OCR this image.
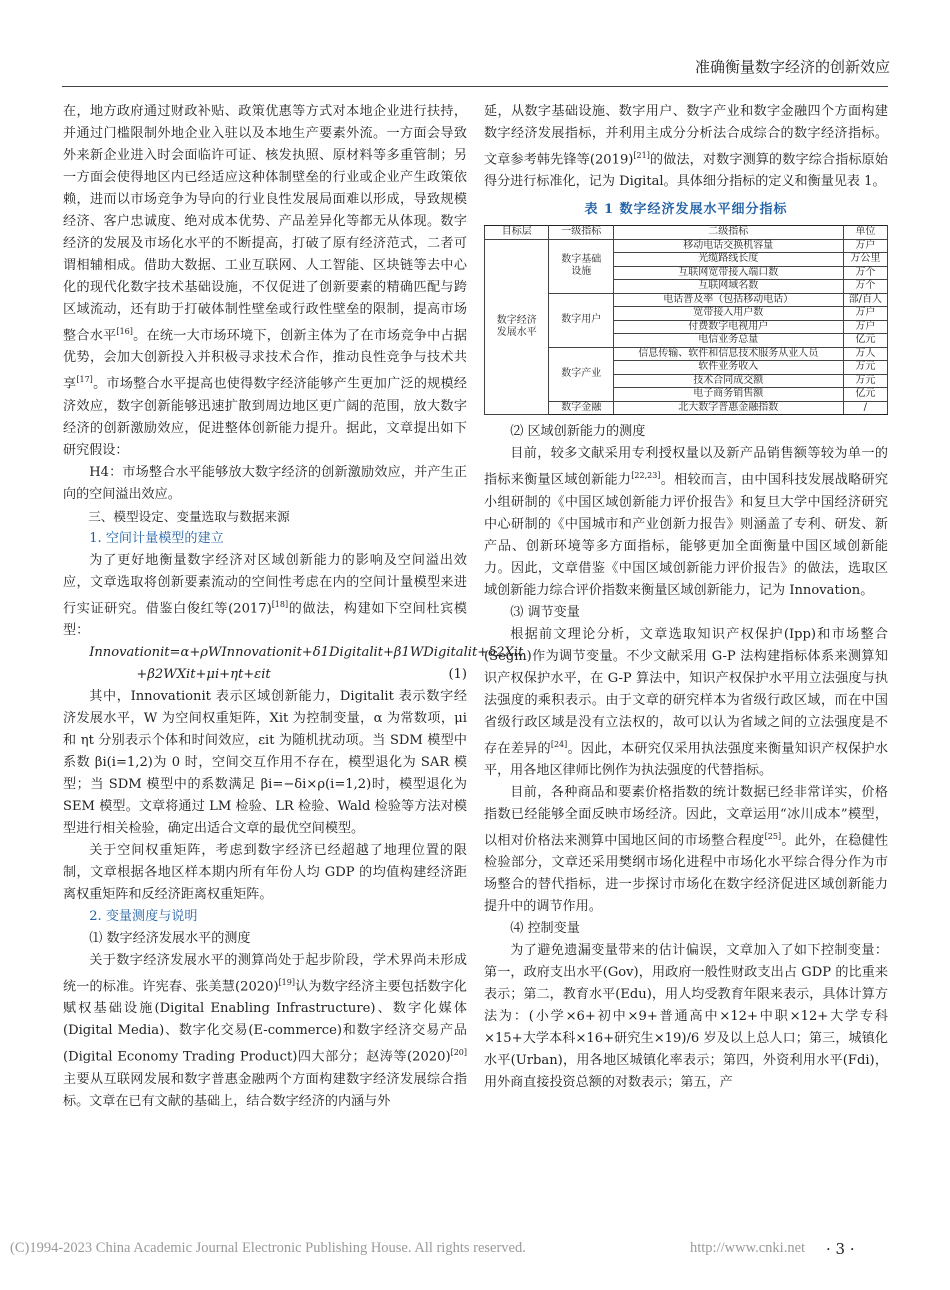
准确衡量数字经济的创新效应

在，地方政府通过财政补贴、政策优惠等方式对本地企业进行扶持，并通过门槛限制外地企业入驻以及本地生产要素外流。一方面会导致外来新企业进入时会面临许可证、核发执照、原材料等多重管制；另一方面会使得地区内已经适应这种体制壁垒的行业或企业产生政策依赖，进而以市场竞争为导向的行业良性发展局面难以形成，导致规模经济、客户忠诚度、绝对成本优势、产品差异化等都无从体现。数字经济的发展及市场化水平的不断提高，打破了原有经济范式，二者可谓相辅相成。借助大数据、工业互联网、人工智能、区块链等去中心化的现代化数字技术基础设施，不仅促进了创新要素的精确匹配与跨区域流动，还有助于打破体制性壁垒或行政性壁垒的限制，提高市场整合水平[16]。在统一大市场环境下，创新主体为了在市场竞争中占据优势，会加大创新投入并积极寻求技术合作，推动良性竞争与技术共享[17]。市场整合水平提高也使得数字经济能够产生更加广泛的规模经济效应，数字创新能够迅速扩散到周边地区更广阔的范围，放大数字经济的创新激励效应，促进整体创新能力提升。据此，文章提出如下研究假设：

H4：市场整合水平能够放大数字经济的创新激励效应，并产生正向的空间溢出效应。

三、模型设定、变量选取与数据来源

1. 空间计量模型的建立

为了更好地衡量数字经济对区域创新能力的影响及空间溢出效应，文章选取将创新要素流动的空间性考虑在内的空间计量模型来进行实证研究。借鉴白俊红等(2017)[18]的做法，构建如下空间杜宾模型：

Innovationit=α+ρWInnovationit+δ1Digitalit+β1WDigitalit+δ2Xit

+β2WXit+μi+ηt+εit	(1)

其中，Innovationit 表示区域创新能力，Digitalit 表示数字经济发展水平，W 为空间权重矩阵，Xit 为控制变量，α 为常数项，μi 和 ηt 分别表示个体和时间效应，εit 为随机扰动项。当 SDM 模型中系数 βi(i=1,2)为 0 时，空间交互作用不存在，模型退化为 SAR 模型；当 SDM 模型中的系数满足 βi=−δi×ρ(i=1,2)时，模型退化为 SEM 模型。文章将通过 LM 检验、LR 检验、Wald 检验等方法对模型进行相关检验，确定出适合文章的最优空间模型。

关于空间权重矩阵，考虑到数字经济已经超越了地理位置的限制，文章根据各地区样本期内所有年份人均 GDP 的均值构建经济距离权重矩阵和反经济距离权重矩阵。

2. 变量测度与说明

⑴ 数字经济发展水平的测度

关于数字经济发展水平的测算尚处于起步阶段，学术界尚未形成统一的标准。许宪春、张美慧(2020)[19]认为数字经济主要包括数字化赋权基础设施(Digital Enabling Infrastructure)、数字化媒体(Digital Media)、数字化交易(E-commerce)和数字经济交易产品(Digital Economy Trading Product)四大部分；赵涛等(2020)[20]主要从互联网发展和数字普惠金融两个方面构建数字经济发展综合指标。文章在已有文献的基础上，结合数字经济的内涵与外

延，从数字基础设施、数字用户、数字产业和数字金融四个方面构建数字经济发展指标，并利用主成分分析法合成综合的数字经济指标。文章参考韩先锋等(2019)[21]的做法，对数字测算的数字综合指标原始得分进行标准化，记为 Digital。具体细分指标的定义和衡量见表 1。

表 1 数字经济发展水平细分指标
目标层	一级指标	二级指标	单位
数字经济发展水平	数字基础设施	移动电话交换机容量	万户
		光缆路线长度	万公里
		互联网宽带接入端口数	万个
		互联网域名数	万个
	数字用户	电话普及率（包括移动电话）	部/百人
		宽带接入用户数	万户
		付费数字电视用户	万户
		电信业务总量	亿元
	数字产业	信息传输、软件和信息技术服务从业人员	万人
		软件业务收入	万元
		技术合同成交额	万元
		电子商务销售额	亿元
	数字金融	北大数字普惠金融指数	/

⑵ 区域创新能力的测度

目前，较多文献采用专利授权量以及新产品销售额等较为单一的指标来衡量区域创新能力[22,23]。相较而言，由中国科技发展战略研究小组研制的《中国区域创新能力评价报告》和复旦大学中国经济研究中心研制的《中国城市和产业创新力报告》则涵盖了专利、研发、新产品、创新环境等多方面指标，能够更加全面衡量中国区域创新能力。因此，文章借鉴《中国区域创新能力评价报告》的做法，选取区域创新能力综合评价指数来衡量区域创新能力，记为 Innovation。

⑶ 调节变量

根据前文理论分析，文章选取知识产权保护(Ipp)和市场整合(Segm)作为调节变量。不少文献采用 G-P 法构建指标体系来测算知识产权保护水平，在 G-P 算法中，知识产权保护水平用立法强度与执法强度的乘积表示。由于文章的研究样本为省级行政区域，而在中国省级行政区域是没有立法权的，故可以认为省域之间的立法强度是不存在差异的[24]。因此，本研究仅采用执法强度来衡量知识产权保护水平，用各地区律师比例作为执法强度的代替指标。

目前，各种商品和要素价格指数的统计数据已经非常详实，价格指数已经能够全面反映市场经济。因此，文章运用“冰川成本”模型，以相对价格法来测算中国地区间的市场整合程度[25]。此外，在稳健性检验部分，文章还采用樊纲市场化进程中市场化水平综合得分作为市场整合的替代指标，进一步探讨市场化在数字经济促进区域创新能力提升中的调节作用。

⑷ 控制变量

为了避免遗漏变量带来的估计偏误，文章加入了如下控制变量：第一，政府支出水平(Gov)，用政府一般性财政支出占 GDP 的比重来表示；第二，教育水平(Edu)，用人均受教育年限来表示，具体计算方法为：(小学×6+初中×9+普通高中×12+中职×12+大学专科×15+大学本科×16+研究生×19)/6 岁及以上总人口；第三，城镇化水平(Urban)，用各地区城镇化率表示；第四，外资利用水平(Fdi)，用外商直接投资总额的对数表示；第五，产

(C)1994-2023 China Academic Journal Electronic Publishing House. All rights reserved.	http://www.cnki.net · 3 ·
